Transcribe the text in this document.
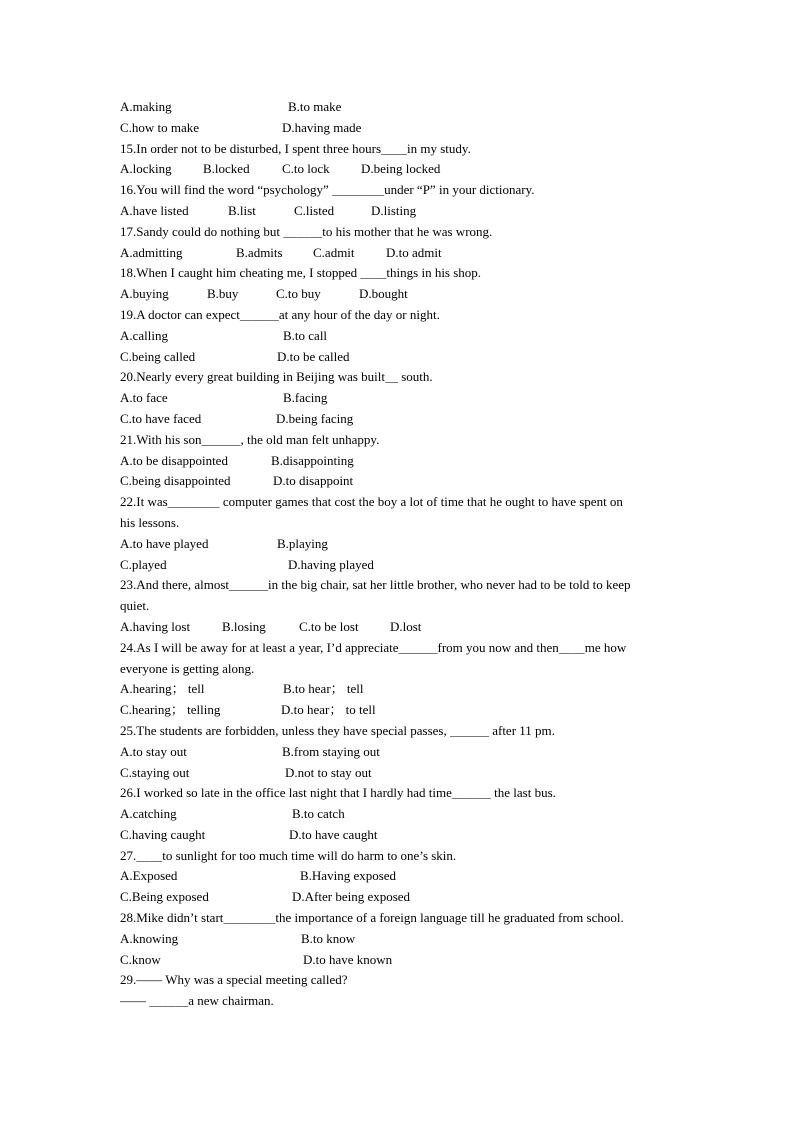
A.making	B.to make
C.how to make	D.having made
15.In order not to be disturbed, I spent three hours＿＿in my study.
A.locking B.locked C.to lock D.being locked
16.You will find the word “psychology” ＿＿＿＿under “P” in your dictionary.
A.have listed	B.list	C.listed	D.listing
17.Sandy could do nothing but ＿＿＿to his mother that he was wrong.
A.admitting	B.admits C.admit D.to admit
18.When I caught him cheating me, I stopped ＿＿things in his shop.
A.buying	B.buy	C.to buy	D.bought
19.A doctor can expect＿＿＿at any hour of the day or night.
A.calling	B.to call
C.being called	D.to be called
20.Nearly every great building in Beijing was built＿ south.
A.to face	B.facing
C.to have faced	D.being facing
21.With his son＿＿＿, the old man felt unhappy.
A.to be disappointed	B.disappointing
C.being disappointed	D.to disappoint
22.It was＿＿＿＿ computer games that cost the boy a lot of time that he ought to have spent on
his lessons.
A.to have played	B.playing
C.played	D.having played
23.And there, almost＿＿＿in the big chair, sat her little brother, who never had to be told to keep
quiet.
A.having lost B.losing	C.to be lost D.lost
24.As I will be away for at least a year, I’d appreciate＿＿＿from you now and then＿＿me how
everyone is getting along.
A.hearing； tell	B.to hear； tell
C.hearing； telling	D.to hear； to tell
25.The students are forbidden, unless they have special passes, ＿＿＿ after 11 pm.
A.to stay out	B.from staying out
C.staying out	D.not to stay out
26.I worked so late in the office last night that I hardly had time＿＿＿ the last bus.
A.catching	B.to catch
C.having caught	D.to have caught
27.＿＿to sunlight for too much time will do harm to one’s skin.
A.Exposed	B.Having exposed
C.Being exposed	D.After being exposed
28.Mike didn’t start＿＿＿＿the importance of a foreign language till he graduated from school.
A.knowing	B.to know
C.know	D.to have known
29.—— Why was a special meeting called?
—— ＿＿＿a new chairman.
